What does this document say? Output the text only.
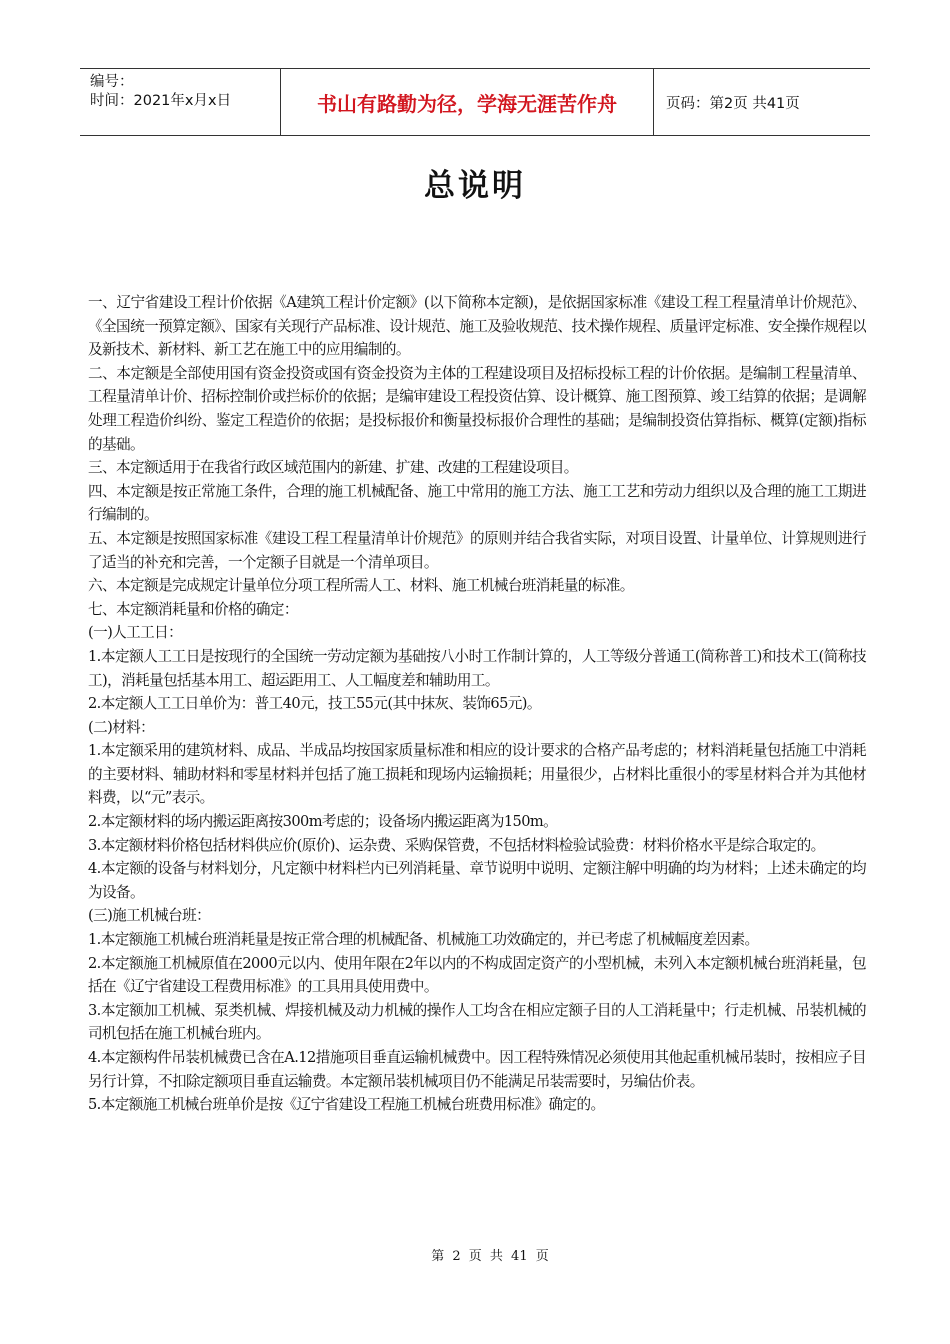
编号：
时间：2021年x月x日	书山有路勤为径，学海无涯苦作舟	页码：第2页 共41页
总说明

一、辽宁省建设工程计价依据《A建筑工程计价定额》(以下简称本定额)，是依据国家标准《建设工程工程量清单计价规范》、《全国统一预算定额》、国家有关现行产品标准、设计规范、施工及验收规范、技术操作规程、质量评定标准、安全操作规程以及新技术、新材料、新工艺在施工中的应用编制的。

二、本定额是全部使用国有资金投资或国有资金投资为主体的工程建设项目及招标投标工程的计价依据。是编制工程量清单、工程量清单计价、招标控制价或拦标价的依据；是编审建设工程投资估算、设计概算、施工图预算、竣工结算的依据；是调解处理工程造价纠纷、鉴定工程造价的依据；是投标报价和衡量投标报价合理性的基础；是编制投资估算指标、概算(定额)指标的基础。

三、本定额适用于在我省行政区域范围内的新建、扩建、改建的工程建设项目。

四、本定额是按正常施工条件，合理的施工机械配备、施工中常用的施工方法、施工工艺和劳动力组织以及合理的施工工期进行编制的。

五、本定额是按照国家标准《建设工程工程量清单计价规范》的原则并结合我省实际，对项目设置、计量单位、计算规则进行了适当的补充和完善，一个定额子目就是一个清单项目。

六、本定额是完成规定计量单位分项工程所需人工、材料、施工机械台班消耗量的标准。

七、本定额消耗量和价格的确定：

(一)人工工日：

1.本定额人工工日是按现行的全国统一劳动定额为基础按八小时工作制计算的，人工等级分普通工(简称普工)和技术工(简称技工)，消耗量包括基本用工、超运距用工、人工幅度差和辅助用工。

2.本定额人工工日单价为：普工40元，技工55元(其中抹灰、装饰65元)。

(二)材料：

1.本定额采用的建筑材料、成品、半成品均按国家质量标准和相应的设计要求的合格产品考虑的；材料消耗量包括施工中消耗的主要材料、辅助材料和零星材料并包括了施工损耗和现场内运输损耗；用量很少，占材料比重很小的零星材料合并为其他材料费，以“元”表示。

2.本定额材料的场内搬运距离按300m考虑的；设备场内搬运距离为150m。

3.本定额材料价格包括材料供应价(原价)、运杂费、采购保管费，不包括材料检验试验费：材料价格水平是综合取定的。

4.本定额的设备与材料划分，凡定额中材料栏内已列消耗量、章节说明中说明、定额注解中明确的均为材料；上述未确定的均为设备。

(三)施工机械台班：

1.本定额施工机械台班消耗量是按正常合理的机械配备、机械施工功效确定的，并已考虑了机械幅度差因素。

2.本定额施工机械原值在2000元以内、使用年限在2年以内的不构成固定资产的小型机械，未列入本定额机械台班消耗量，包括在《辽宁省建设工程费用标准》的工具用具使用费中。

3.本定额加工机械、泵类机械、焊接机械及动力机械的操作人工均含在相应定额子目的人工消耗量中；行走机械、吊装机械的司机包括在施工机械台班内。

4.本定额构件吊装机械费已含在A.12措施项目垂直运输机械费中。因工程特殊情况必须使用其他起重机械吊装时，按相应子目另行计算，不扣除定额项目垂直运输费。本定额吊装机械项目仍不能满足吊装需要时，另编估价表。

5.本定额施工机械台班单价是按《辽宁省建设工程施工机械台班费用标准》确定的。

第 2 页 共 41 页
